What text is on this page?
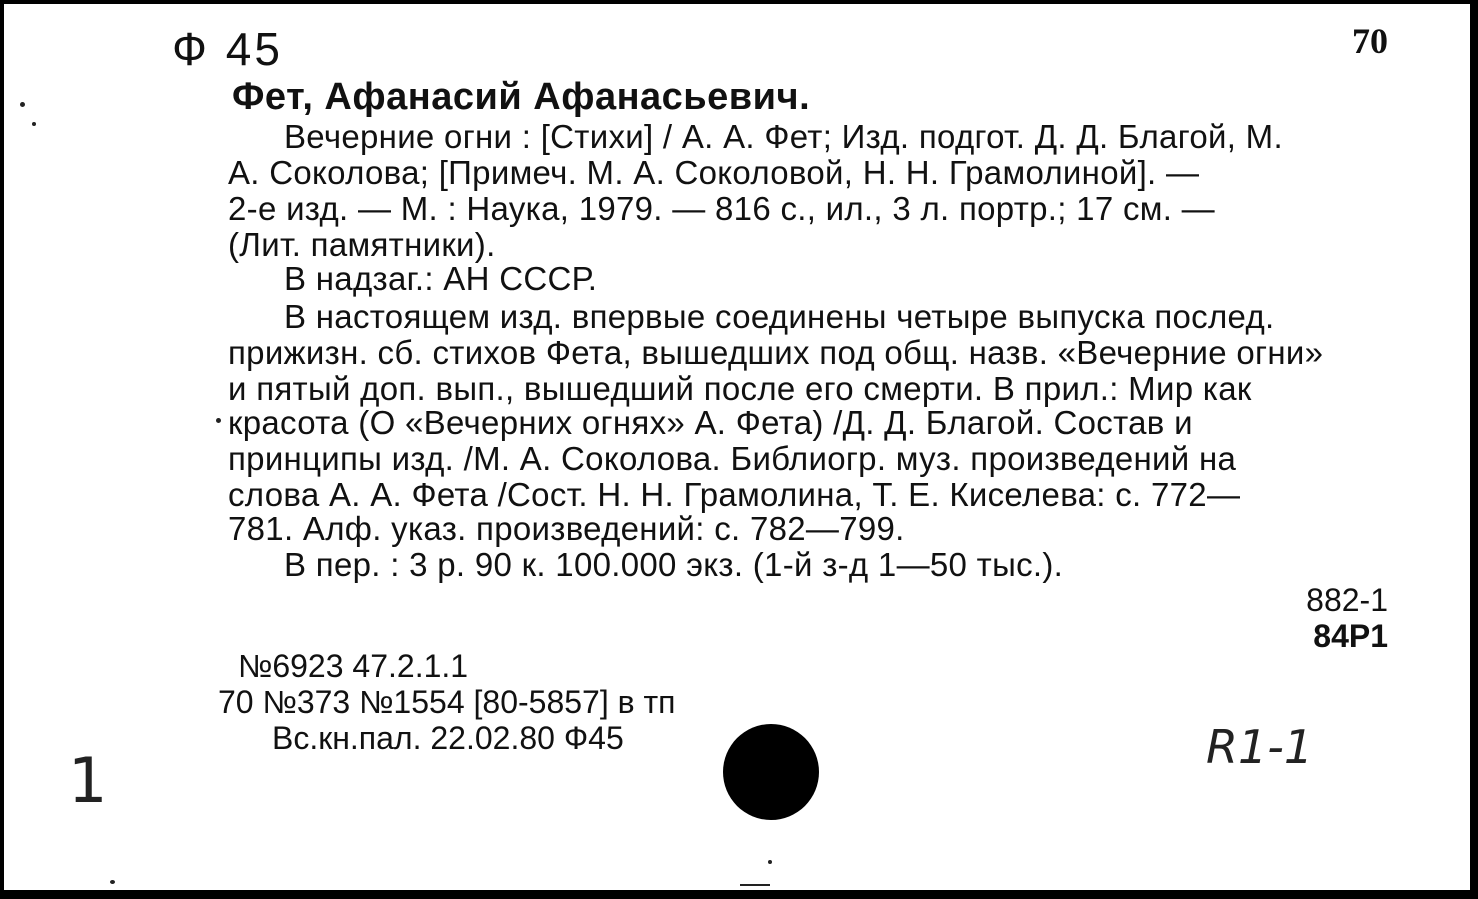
Ф 45	70
Фет, Афанасий Афанасьевич.
Вечерние огни : [Стихи] / А. А. Фет; Изд. подгот. Д. Д. Благой, М.
А. Соколова; [Примеч. М. А. Соколовой, Н. Н. Грамолиной]. —
2-е изд. — М. : Наука, 1979. — 816 с., ил., 3 л. портр.; 17 см. —
(Лит. памятники).
В надзаг.: АН СССР.
В настоящем изд. впервые соединены четыре выпуска послед.
прижизн. сб. стихов Фета, вышедших под общ. назв. «Вечерние огни»
и пятый доп. вып., вышедший после его смерти. В прил.: Мир как
красота (О «Вечерних огнях» А. Фета) /Д. Д. Благой. Состав и
принципы изд. /М. А. Соколова. Библиогр. муз. произведений на
слова А. А. Фета /Сост. Н. Н. Грамолина, Т. Е. Киселева: с. 772—
781. Алф. указ. произведений: с. 782—799.
В пер. : 3 р. 90 к. 100.000 экз. (1-й з-д 1—50 тыс.).
882-1
84Р1
№6923 47.2.1.1
70 №373 №1554 [80-5857] в тп
Вс.кн.пал. 22.02.80 Ф45
1	R1-1
